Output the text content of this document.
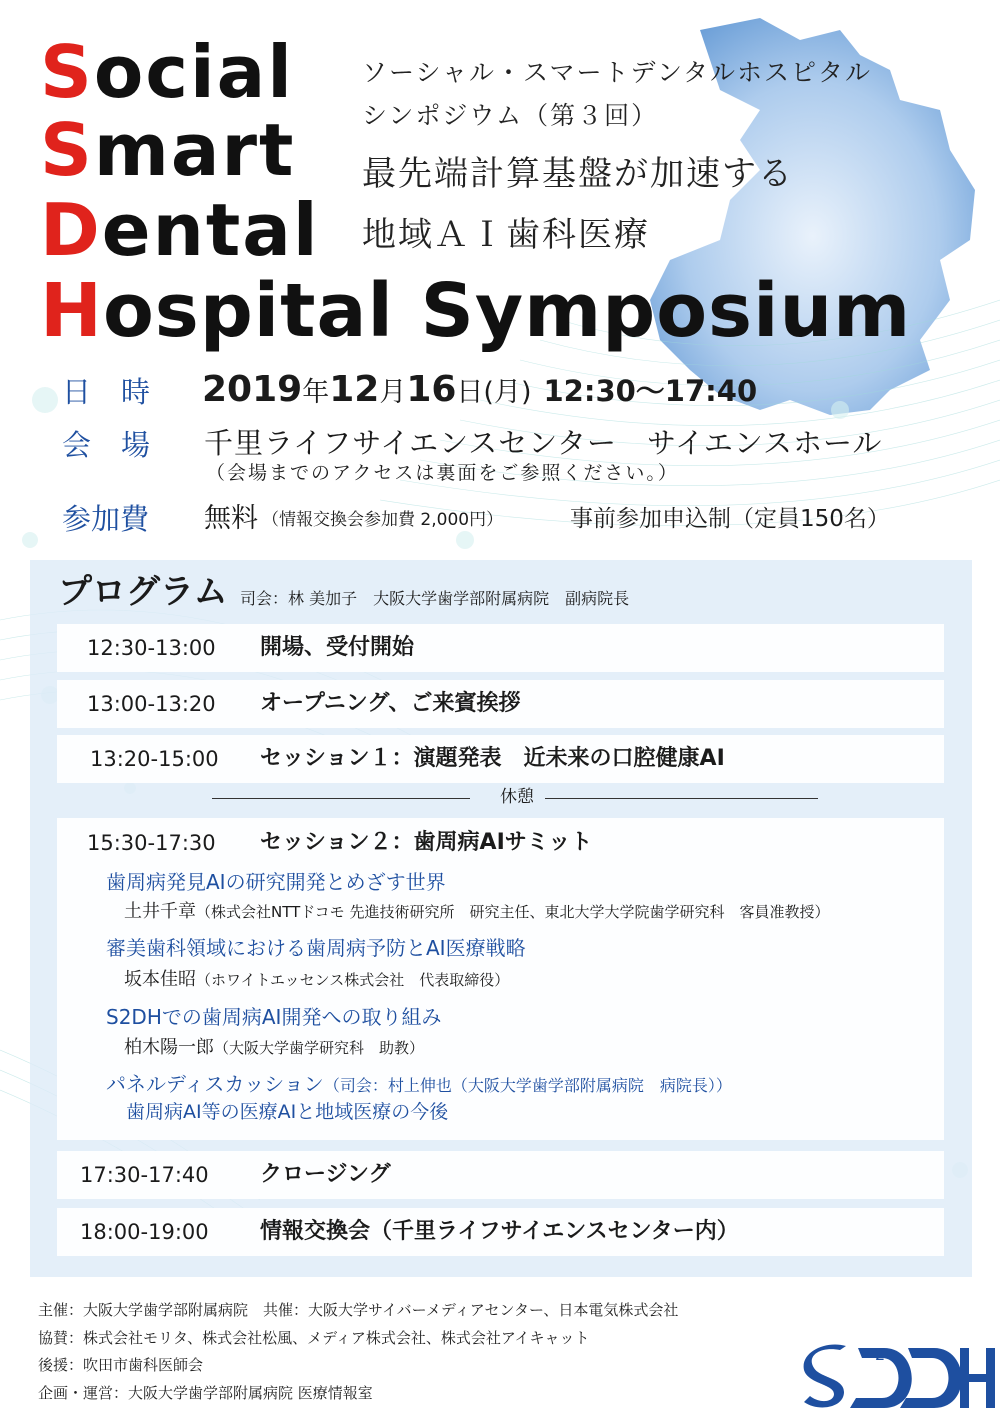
Social
Smart
Dental
Hospital Symposium
ソーシャル・スマートデンタルホスピタル
シンポジウム（第３回）
最先端計算基盤が加速する
地域ＡＩ歯科医療
日時 2019年12月16日(月) 12:30〜17:40
会場 千里ライフサイエンスセンター　サイエンスホール
（会場までのアクセスは裏面をご参照ください。）
参加費 無料 （情報交換会参加費 2,000円）	事前参加申込制（定員150名）
プログラム 司会：林 美加子　大阪大学歯学部附属病院　副病院長
12:30-13:00 開場、受付開始
13:00-13:20 オープニング、ご来賓挨拶
13:20-15:00 セッション１：演題発表　近未来の口腔健康AI
休憩
15:30-17:30 セッション２：歯周病AIサミット
歯周病発見AIの研究開発とめざす世界
土井千章（株式会社NTTドコモ 先進技術研究所　研究主任、東北大学大学院歯学研究科　客員准教授）
審美歯科領域における歯周病予防とAI医療戦略
坂本佳昭（ホワイトエッセンス株式会社　代表取締役）
S2DHでの歯周病AI開発への取り組み
柏木陽一郎（大阪大学歯学研究科　助教）
パネルディスカッション（司会：村上伸也（大阪大学歯学部附属病院　病院長））
歯周病AI等の医療AIと地域医療の今後
17:30-17:40 クロージング
18:00-19:00 情報交換会（千里ライフサイエンスセンター内）
主催：大阪大学歯学部附属病院　共催：大阪大学サイバーメディアセンター、日本電気株式会社
協賛：株式会社モリタ、株式会社松風、メディア株式会社、株式会社アイキャット
後援：吹田市歯科医師会
企画・運営：大阪大学歯学部附属病院 医療情報室
2
